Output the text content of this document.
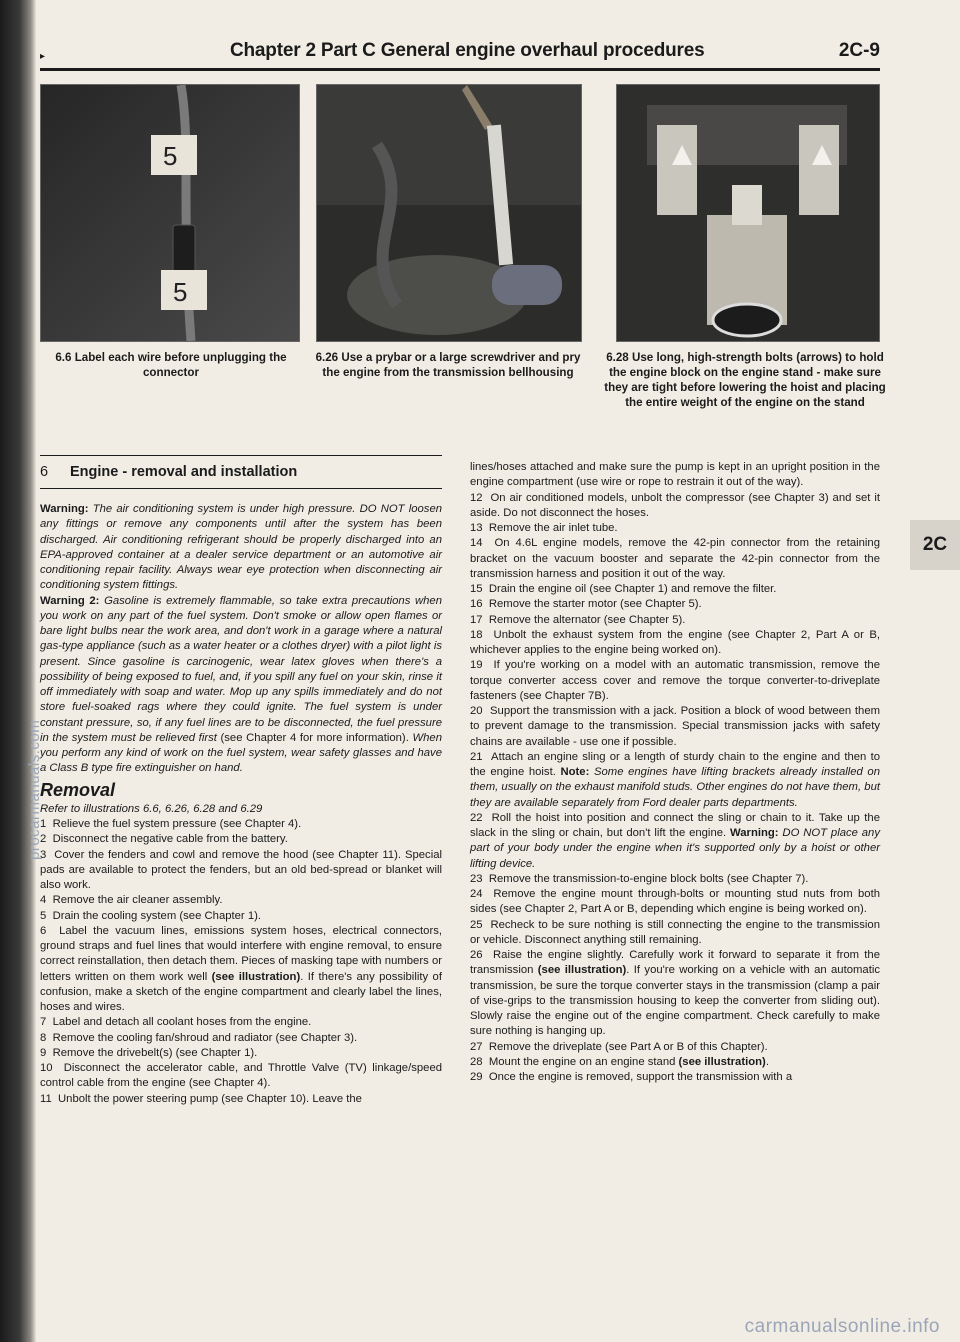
▸	Chapter 2 Part C General engine overhaul procedures	2C-9
5
5
6.6 Label each wire before unplugging the connector
6.26 Use a prybar or a large screwdriver and pry the engine from the transmission bellhousing
6.28 Use long, high-strength bolts (arrows) to hold the engine block on the engine stand - make sure they are tight before lowering the hoist and placing the entire weight of the engine on the stand
2C
6 Engine - removal and installation

Warning: The air conditioning system is under high pressure. DO NOT loosen any fittings or remove any components until after the system has been discharged. Air conditioning refrigerant should be properly discharged into an EPA-approved container at a dealer service department or an automotive air conditioning repair facility. Always wear eye protection when disconnecting air conditioning system fittings.

Warning 2: Gasoline is extremely flammable, so take extra precautions when you work on any part of the fuel system. Don't smoke or allow open flames or bare light bulbs near the work area, and don't work in a garage where a natural gas-type appliance (such as a water heater or a clothes dryer) with a pilot light is present. Since gasoline is carcinogenic, wear latex gloves when there's a possibility of being exposed to fuel, and, if you spill any fuel on your skin, rinse it off immediately with soap and water. Mop up any spills immediately and do not store fuel-soaked rags where they could ignite. The fuel system is under constant pressure, so, if any fuel lines are to be disconnected, the fuel pressure in the system must be relieved first (see Chapter 4 for more information). When you perform any kind of work on the fuel system, wear safety glasses and have a Class B type fire extinguisher on hand.

Removal

Refer to illustrations 6.6, 6.26, 6.28 and 6.29

1  Relieve the fuel system pressure (see Chapter 4).

2  Disconnect the negative cable from the battery.

3  Cover the fenders and cowl and remove the hood (see Chapter 11). Special pads are available to protect the fenders, but an old bed-spread or blanket will also work.

4  Remove the air cleaner assembly.

5  Drain the cooling system (see Chapter 1).

6  Label the vacuum lines, emissions system hoses, electrical connectors, ground straps and fuel lines that would interfere with engine removal, to ensure correct reinstallation, then detach them. Pieces of masking tape with numbers or letters written on them work well (see illustration). If there's any possibility of confusion, make a sketch of the engine compartment and clearly label the lines, hoses and wires.

7  Label and detach all coolant hoses from the engine.

8  Remove the cooling fan/shroud and radiator (see Chapter 3).

9  Remove the drivebelt(s) (see Chapter 1).

10  Disconnect the accelerator cable, and Throttle Valve (TV) linkage/speed control cable from the engine (see Chapter 4).

11  Unbolt the power steering pump (see Chapter 10). Leave the

lines/hoses attached and make sure the pump is kept in an upright position in the engine compartment (use wire or rope to restrain it out of the way).

12  On air conditioned models, unbolt the compressor (see Chapter 3) and set it aside. Do not disconnect the hoses.

13  Remove the air inlet tube.

14  On 4.6L engine models, remove the 42-pin connector from the retaining bracket on the vacuum booster and separate the 42-pin connector from the transmission harness and position it out of the way.

15  Drain the engine oil (see Chapter 1) and remove the filter.

16  Remove the starter motor (see Chapter 5).

17  Remove the alternator (see Chapter 5).

18  Unbolt the exhaust system from the engine (see Chapter 2, Part A or B, whichever applies to the engine being worked on).

19  If you're working on a model with an automatic transmission, remove the torque converter access cover and remove the torque converter-to-driveplate fasteners (see Chapter 7B).

20  Support the transmission with a jack. Position a block of wood between them to prevent damage to the transmission. Special transmission jacks with safety chains are available - use one if possible.

21  Attach an engine sling or a length of sturdy chain to the engine and then to the engine hoist. Note: Some engines have lifting brackets already installed on them, usually on the exhaust manifold studs. Other engines do not have them, but they are available separately from Ford dealer parts departments.

22  Roll the hoist into position and connect the sling or chain to it. Take up the slack in the sling or chain, but don't lift the engine. Warning: DO NOT place any part of your body under the engine when it's supported only by a hoist or other lifting device.

23  Remove the transmission-to-engine block bolts (see Chapter 7).

24  Remove the engine mount through-bolts or mounting stud nuts from both sides (see Chapter 2, Part A or B, depending which engine is being worked on).

25  Recheck to be sure nothing is still connecting the engine to the transmission or vehicle. Disconnect anything still remaining.

26  Raise the engine slightly. Carefully work it forward to separate it from the transmission (see illustration). If you're working on a vehicle with an automatic transmission, be sure the torque converter stays in the transmission (clamp a pair of vise-grips to the transmission housing to keep the converter from sliding out). Slowly raise the engine out of the engine compartment. Check carefully to make sure nothing is hanging up.

27  Remove the driveplate (see Part A or B of this Chapter).

28  Mount the engine on an engine stand (see illustration).

29  Once the engine is removed, support the transmission with a

procarmanuals.com
carmanualsonline.info
